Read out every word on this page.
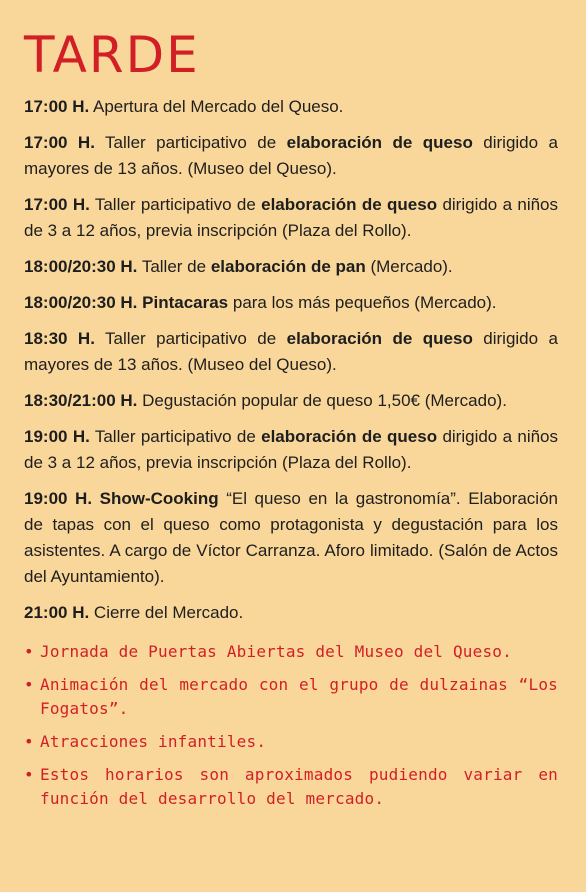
TARDE

17:00 H. Apertura del Mercado del Queso.

17:00 H. Taller participativo de elaboración de queso dirigido a mayores de 13 años. (Museo del Queso).

17:00 H. Taller participativo de elaboración de queso dirigido a niños de 3 a 12 años, previa inscripción (Plaza del Rollo).

18:00/20:30 H. Taller de elaboración de pan (Mercado).

18:00/20:30 H. Pintacaras para los más pequeños (Mercado).

18:30 H. Taller participativo de elaboración de queso dirigido a mayores de 13 años. (Museo del Queso).

18:30/21:00 H. Degustación popular de queso 1,50€ (Mercado).

19:00 H. Taller participativo de elaboración de queso dirigido a niños de 3 a 12 años, previa inscripción (Plaza del Rollo).

19:00 H. Show-Cooking “El queso en la gastronomía”. Elaboración de tapas con el queso como protagonista y degustación para los asistentes. A cargo de Víctor Carranza. Aforo limitado. (Salón de Actos del Ayuntamiento).

21:00 H. Cierre del Mercado.

• Jornada de Puertas Abiertas del Museo del Queso.
• Animación del mercado con el grupo de dulzainas “Los Fogatos”.
• Atracciones infantiles.
• Estos horarios son aproximados pudiendo variar en función del desarrollo del mercado.
